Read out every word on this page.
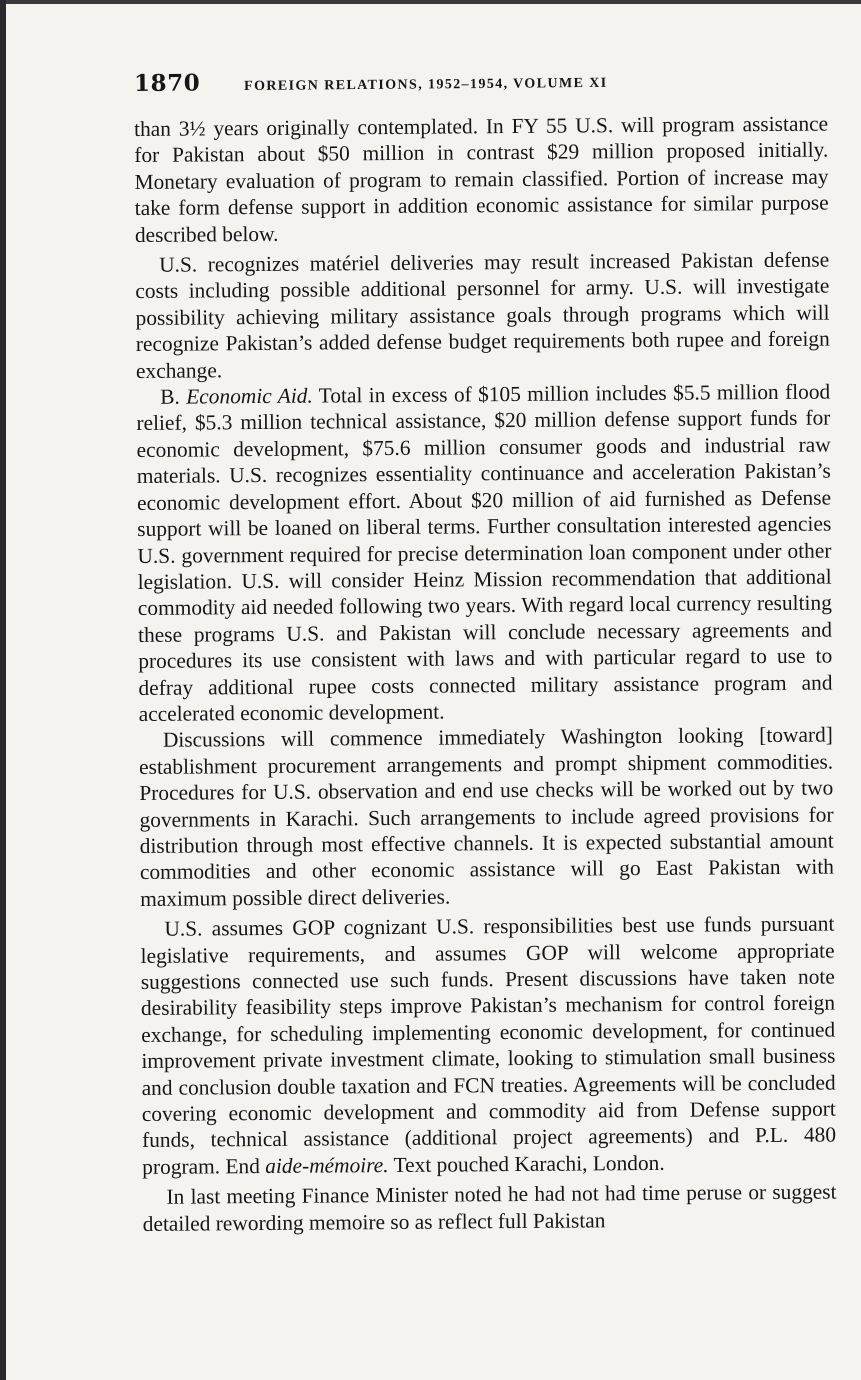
1870	FOREIGN RELATIONS, 1952–1954, VOLUME XI

than 3½ years originally contemplated. In FY 55 U.S. will program assistance for Pakistan about $50 million in contrast $29 million proposed initially. Monetary evaluation of program to remain classified. Portion of increase may take form defense support in addition economic assistance for similar purpose described below.

U.S. recognizes matériel deliveries may result increased Pakistan defense costs including possible additional personnel for army. U.S. will investigate possibility achieving military assistance goals through programs which will recognize Pakistan’s added defense budget requirements both rupee and foreign exchange.

B. Economic Aid. Total in excess of $105 million includes $5.5 million flood relief, $5.3 million technical assistance, $20 million defense support funds for economic development, $75.6 million consumer goods and industrial raw materials. U.S. recognizes essentiality continuance and acceleration Pakistan’s economic development effort. About $20 million of aid furnished as Defense support will be loaned on liberal terms. Further consultation interested agencies U.S. government required for precise determination loan component under other legislation. U.S. will consider Heinz Mission recommendation that additional commodity aid needed following two years. With regard local currency resulting these programs U.S. and Pakistan will conclude necessary agreements and procedures its use consistent with laws and with particular regard to use to defray additional rupee costs connected military assistance program and accelerated economic development.

Discussions will commence immediately Washington looking [toward] establishment procurement arrangements and prompt shipment commodities. Procedures for U.S. observation and end use checks will be worked out by two governments in Karachi. Such arrangements to include agreed provisions for distribution through most effective channels. It is expected substantial amount commodities and other economic assistance will go East Pakistan with maximum possible direct deliveries.

U.S. assumes GOP cognizant U.S. responsibilities best use funds pursuant legislative requirements, and assumes GOP will welcome appropriate suggestions connected use such funds. Present discussions have taken note desirability feasibility steps improve Pakistan’s mechanism for control foreign exchange, for scheduling implementing economic development, for continued improvement private investment climate, looking to stimulation small business and conclusion double taxation and FCN treaties. Agreements will be concluded covering economic development and commodity aid from Defense support funds, technical assistance (additional project agreements) and P.L. 480 program. End aide-mémoire. Text pouched Karachi, London.

In last meeting Finance Minister noted he had not had time peruse or suggest detailed rewording memoire so as reflect full Pakistan
